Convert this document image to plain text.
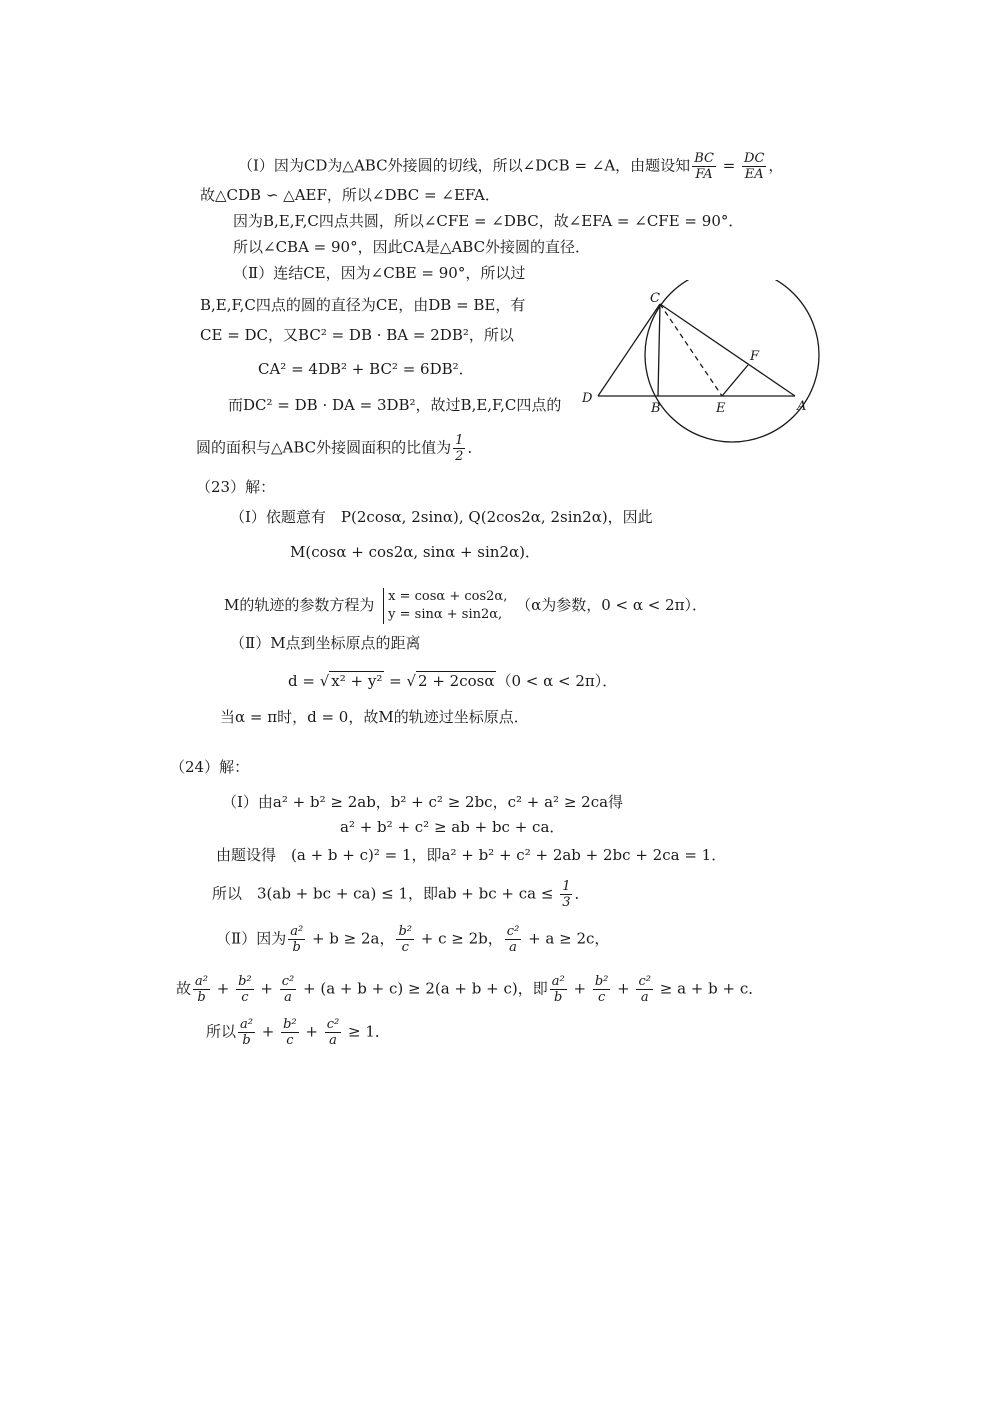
（Ⅰ）因为CD为△ABC外接圆的切线，所以∠DCB = ∠A，由题设知 $\frac{BC}{FA} = \frac{DC}{EA}$ ，
故△CDB ∽ △AEF，所以∠DBC = ∠EFA．
因为B,E,F,C四点共圆，所以∠CFE = ∠DBC，故∠EFA = ∠CFE = 90°．
所以∠CBA = 90°，因此CA是△ABC外接圆的直径．
（Ⅱ）连结CE，因为∠CBE = 90°，所以过
B,E,F,C四点的圆的直径为CE，由DB = BE，有
CE = DC，又BC² = DB · BA = 2DB²，所以
CA² = 4DB² + BC² = 6DB²．
而DC² = DB · DA = 3DB²，故过B,E,F,C四点的
圆的面积与△ABC外接圆面积的比值为 $\frac{1}{2}$ ．
C
F
D
B	E	A
（23）解：
（Ⅰ）依题意有　P(2cosα, 2sinα), Q(2cos2α, 2sin2α)，因此
M(cosα + cos2α, sinα + sin2α)．
M的轨迹的参数方程为 x = cosα + cos2α,
y = sinα + sin2α,
（α为参数，0 < α < 2π）．
（Ⅱ）M点到坐标原点的距离
d = √ x² + y² = √ 2 + 2cosα （0 < α < 2π）．
当α = π时，d = 0，故M的轨迹过坐标原点．
（24）解：
（Ⅰ）由a² + b² ≥ 2ab，b² + c² ≥ 2bc，c² + a² ≥ 2ca得
a² + b² + c² ≥ ab + bc + ca．
由题设得　(a + b + c)² = 1，即a² + b² + c² + 2ab + 2bc + 2ca = 1．
所以　3(ab + bc + ca) ≤ 1，即ab + bc + ca ≤ $\frac{1}{3}$ ．
（Ⅱ）因为 $\frac{\text{a²}}{b} + b \ge 2a$， $\frac{\text{b²}}{c} + c \ge 2b$， $\frac{\text{c²}}{a} + a \ge 2c$，
故 $\frac{\text{a²}}{b} + \frac{\text{b²}}{c} + \frac{\text{c²}}{a} + (a + b + c) \ge 2(a + b + c)$，即 $\frac{\text{a²}}{b} + \frac{\text{b²}}{c} + \frac{\text{c²}}{a} \ge a + b + c$．
所以 $\frac{\text{a²}}{b} + \frac{\text{b²}}{c} + \frac{\text{c²}}{a} \ge 1$．
